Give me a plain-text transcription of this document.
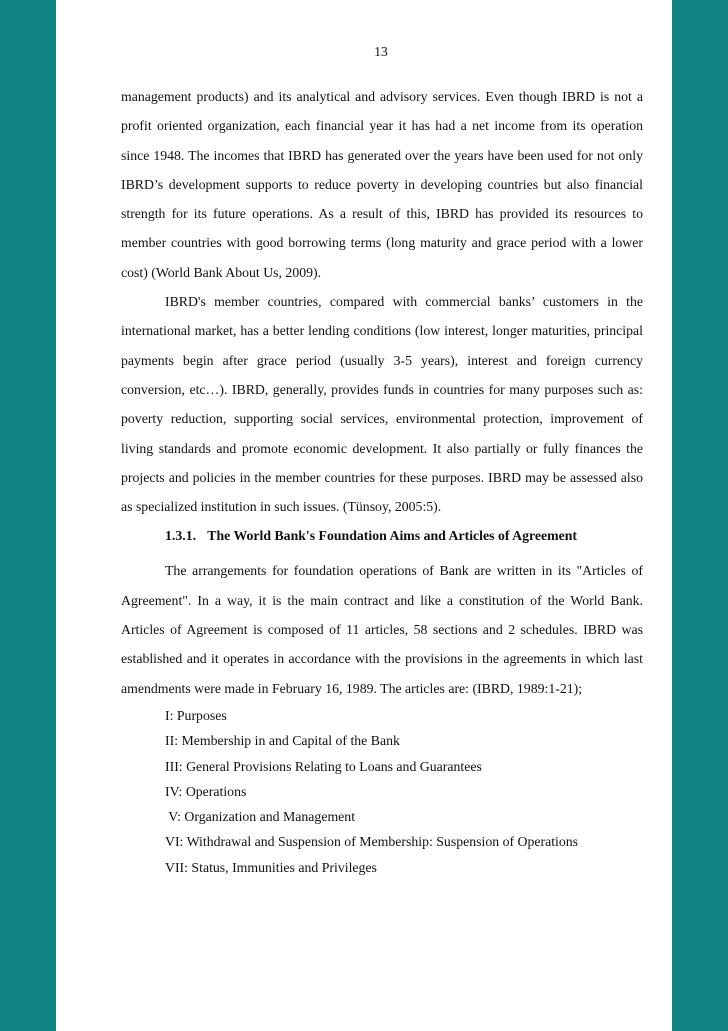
13

management products) and its analytical and advisory services. Even though IBRD is not a profit oriented organization, each financial year it has had a net income from its operation since 1948. The incomes that IBRD has generated over the years have been used for not only IBRD’s development supports to reduce poverty in developing countries but also financial strength for its future operations. As a result of this, IBRD has provided its resources to member countries with good borrowing terms (long maturity and grace period with a lower cost) (World Bank About Us, 2009).

IBRD's member countries, compared with commercial banks’ customers in the international market, has a better lending conditions (low interest, longer maturities, principal payments begin after grace period (usually 3-5 years), interest and foreign currency conversion, etc…). IBRD, generally, provides funds in countries for many purposes such as: poverty reduction, supporting social services, environmental protection, improvement of living standards and promote economic development. It also partially or fully finances the projects and policies in the member countries for these purposes. IBRD may be assessed also as specialized institution in such issues. (Tünsoy, 2005:5).

1.3.1. The World Bank's Foundation Aims and Articles of Agreement

The arrangements for foundation operations of Bank are written in its "Articles of Agreement". In a way, it is the main contract and like a constitution of the World Bank. Articles of Agreement is composed of 11 articles, 58 sections and 2 schedules. IBRD was established and it operates in accordance with the provisions in the agreements in which last amendments were made in February 16, 1989. The articles are: (IBRD, 1989:1-21);

I: Purposes
II: Membership in and Capital of the Bank
III: General Provisions Relating to Loans and Guarantees
IV: Operations
V: Organization and Management
VI: Withdrawal and Suspension of Membership: Suspension of Operations
VII: Status, Immunities and Privileges
